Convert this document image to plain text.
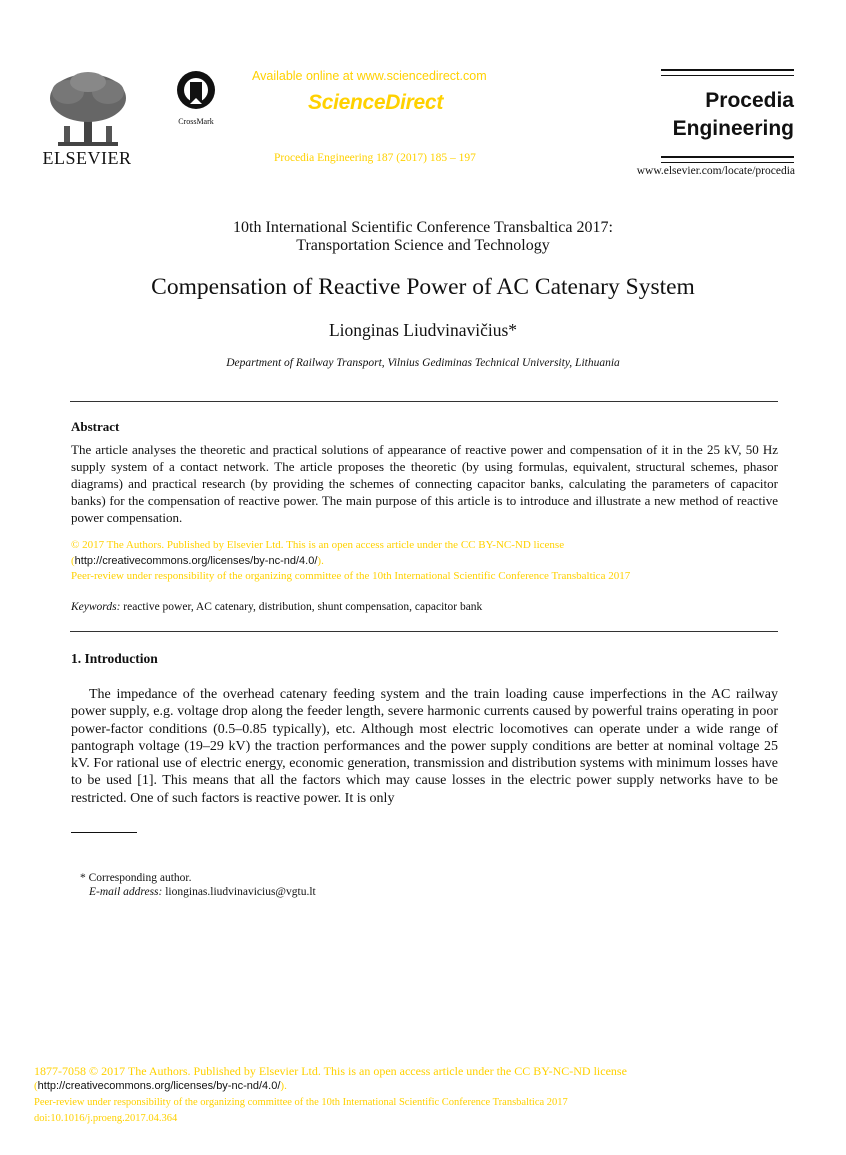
ELSEVIER
CrossMark
Available online at www.sciencedirect.com
ScienceDirect
Procedia Engineering 187 (2017) 185 – 197
Procedia
Engineering
www.elsevier.com/locate/procedia
10th International Scientific Conference Transbaltica 2017:
Transportation Science and Technology
Compensation of Reactive Power of AC Catenary System
Lionginas Liudvinavičius*
Department of Railway Transport, Vilnius Gediminas Technical University, Lithuania
Abstract
The article analyses the theoretic and practical solutions of appearance of reactive power and compensation of it in the 25 kV, 50 Hz supply system of a contact network. The article proposes the theoretic (by using formulas, equivalent, structural schemes, phasor diagrams) and practical research (by providing the schemes of connecting capacitor banks, calculating the parameters of capacitor banks) for the compensation of reactive power. The main purpose of this article is to introduce and illustrate a new method of reactive power compensation.
© 2017 The Authors. Published by Elsevier Ltd. This is an open access article under the CC BY-NC-ND license
(http://creativecommons.org/licenses/by-nc-nd/4.0/).
Peer-review under responsibility of the organizing committee of the 10th International Scientific Conference Transbaltica 2017
Keywords: reactive power, AC catenary, distribution, shunt compensation, capacitor bank
1. Introduction
The impedance of the overhead catenary feeding system and the train loading cause imperfections in the AC railway power supply, e.g. voltage drop along the feeder length, severe harmonic currents caused by powerful trains operating in poor power-factor conditions (0.5–0.85 typically), etc. Although most electric locomotives can operate under a wide range of pantograph voltage (19–29 kV) the traction performances and the power supply conditions are better at nominal voltage 25 kV. For rational use of electric energy, economic generation, transmission and distribution systems with minimum losses have to be used [1]. This means that all the factors which may cause losses in the electric power supply networks have to be restricted. One of such factors is reactive power. It is only
* Corresponding author.
E-mail address: lionginas.liudvinavicius@vgtu.lt
1877-7058 © 2017 The Authors. Published by Elsevier Ltd. This is an open access article under the CC BY-NC-ND license
(http://creativecommons.org/licenses/by-nc-nd/4.0/).
Peer-review under responsibility of the organizing committee of the 10th International Scientific Conference Transbaltica 2017
doi:10.1016/j.proeng.2017.04.364
